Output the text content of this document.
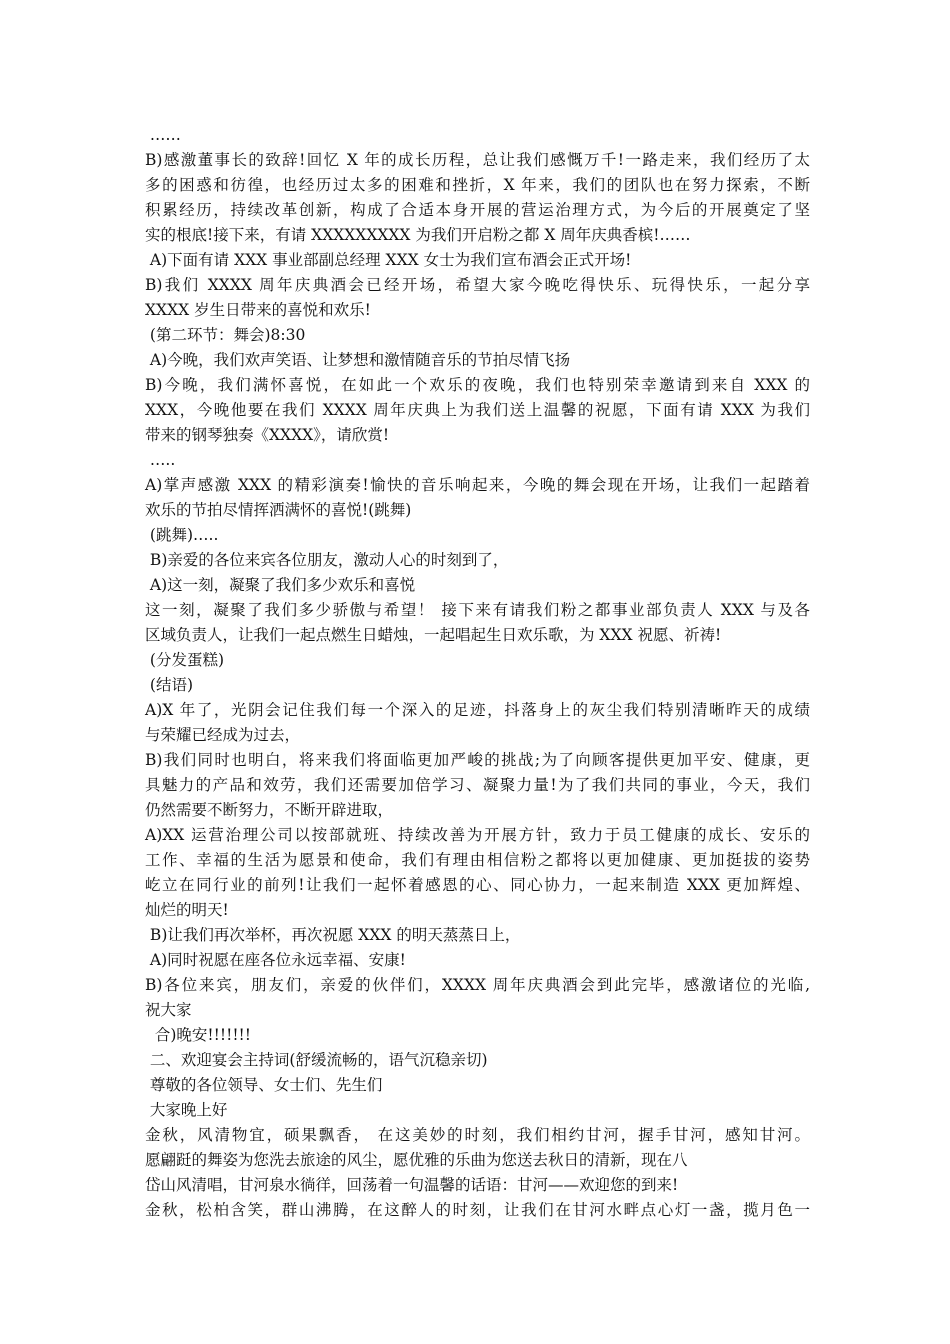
……
B)感激董事长的致辞!回忆 X 年的成长历程，总让我们感慨万千!一路走来，我们经历了太
多的困惑和彷徨，也经历过太多的困难和挫折，X 年来，我们的团队也在努力探索，不断
积累经历，持续改革创新，构成了合适本身开展的营运治理方式，为今后的开展奠定了坚
实的根底!接下来，有请 XXXXXXXXX 为我们开启粉之都 X 周年庆典香槟!……
A)下面有请 XXX 事业部副总经理 XXX 女士为我们宣布酒会正式开场!
B)我们 XXXX 周年庆典酒会已经开场，希望大家今晚吃得快乐、玩得快乐，一起分享
XXXX 岁生日带来的喜悦和欢乐!
(第二环节：舞会)8:30
A)今晚，我们欢声笑语、让梦想和激情随音乐的节拍尽情飞扬
B)今晚，我们满怀喜悦，在如此一个欢乐的夜晚，我们也特别荣幸邀请到来自 XXX 的
XXX，今晚他要在我们 XXXX 周年庆典上为我们送上温馨的祝愿，下面有请 XXX 为我们
带来的钢琴独奏《XXXX》，请欣赏!
…..
A)掌声感激 XXX 的精彩演奏!愉快的音乐响起来，今晚的舞会现在开场，让我们一起踏着
欢乐的节拍尽情挥洒满怀的喜悦!(跳舞)
(跳舞)…..
B)亲爱的各位来宾各位朋友，激动人心的时刻到了，
A)这一刻，凝聚了我们多少欢乐和喜悦
这一刻，凝聚了我们多少骄傲与希望！ 接下来有请我们粉之都事业部负责人 XXX 与及各
区域负责人，让我们一起点燃生日蜡烛，一起唱起生日欢乐歌，为 XXX 祝愿、祈祷!
(分发蛋糕)
(结语)
A)X 年了，光阴会记住我们每一个深入的足迹，抖落身上的灰尘我们特别清晰昨天的成绩
与荣耀已经成为过去，
B)我们同时也明白，将来我们将面临更加严峻的挑战;为了向顾客提供更加平安、健康，更
具魅力的产品和效劳，我们还需要加倍学习、凝聚力量!为了我们共同的事业，今天，我们
仍然需要不断努力，不断开辟进取，
A)XX 运营治理公司以按部就班、持续改善为开展方针，致力于员工健康的成长、安乐的
工作、幸福的生活为愿景和使命，我们有理由相信粉之都将以更加健康、更加挺拔的姿势
屹立在同行业的前列!让我们一起怀着感恩的心、同心协力，一起来制造 XXX 更加辉煌、
灿烂的明天!
B)让我们再次举杯，再次祝愿 XXX 的明天蒸蒸日上，
A)同时祝愿在座各位永远幸福、安康!
B)各位来宾，朋友们，亲爱的伙伴们，XXXX 周年庆典酒会到此完毕，感激诸位的光临,
祝大家
合)晚安!!!!!!!
二、欢迎宴会主持词(舒缓流畅的，语气沉稳亲切)
尊敬的各位领导、女士们、先生们
大家晚上好
金秋，风清物宜，硕果飘香， 在这美妙的时刻，我们相约甘河，握手甘河，感知甘河。
愿翩跹的舞姿为您洗去旅途的风尘，愿优雅的乐曲为您送去秋日的清新，现在八
岱山风清唱，甘河泉水徜徉，回荡着一句温馨的话语：甘河——欢迎您的到来!
金秋，松柏含笑，群山沸腾，在这醉人的时刻，让我们在甘河水畔点心灯一盏，揽月色一
